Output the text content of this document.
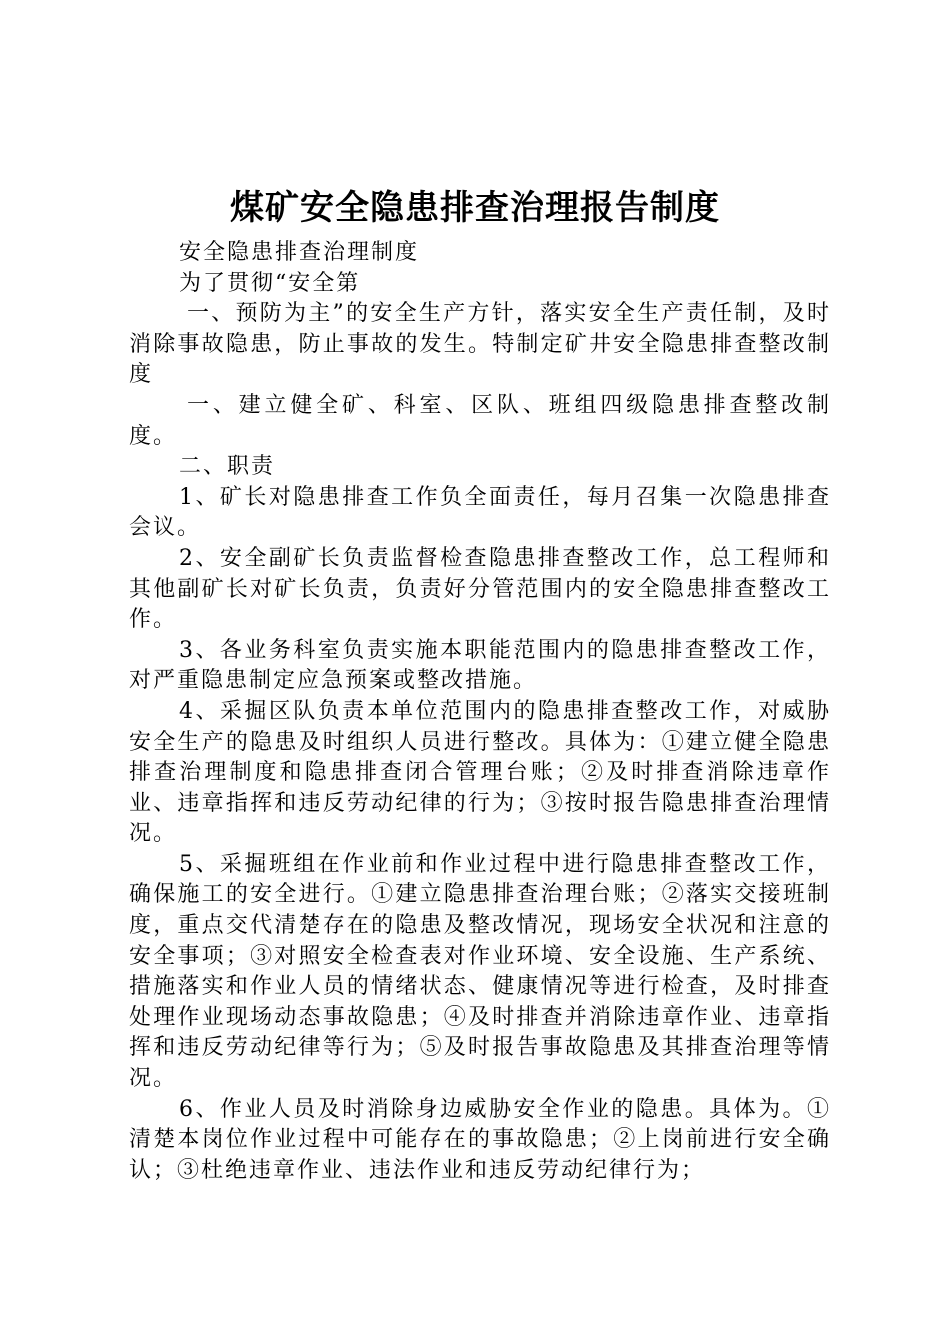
煤矿安全隐患排查治理报告制度

安全隐患排查治理制度

为了贯彻“安全第

一、预防为主”的安全生产方针，落实安全生产责任制，及时消除事故隐患，防止事故的发生。特制定矿井安全隐患排查整改制度

一、建立健全矿、科室、区队、班组四级隐患排查整改制度。

二、职责

1、矿长对隐患排查工作负全面责任，每月召集一次隐患排查会议。

2、安全副矿长负责监督检查隐患排查整改工作，总工程师和其他副矿长对矿长负责，负责好分管范围内的安全隐患排查整改工作。

3、各业务科室负责实施本职能范围内的隐患排查整改工作，对严重隐患制定应急预案或整改措施。

4、采掘区队负责本单位范围内的隐患排查整改工作，对威胁安全生产的隐患及时组织人员进行整改。具体为：①建立健全隐患排查治理制度和隐患排查闭合管理台账；②及时排查消除违章作业、违章指挥和违反劳动纪律的行为；③按时报告隐患排查治理情况。

5、采掘班组在作业前和作业过程中进行隐患排查整改工作，确保施工的安全进行。①建立隐患排查治理台账；②落实交接班制度，重点交代清楚存在的隐患及整改情况，现场安全状况和注意的安全事项；③对照安全检查表对作业环境、安全设施、生产系统、措施落实和作业人员的情绪状态、健康情况等进行检查，及时排查处理作业现场动态事故隐患；④及时排查并消除违章作业、违章指挥和违反劳动纪律等行为；⑤及时报告事故隐患及其排查治理等情况。

6、作业人员及时消除身边威胁安全作业的隐患。具体为。①清楚本岗位作业过程中可能存在的事故隐患；②上岗前进行安全确认；③杜绝违章作业、违法作业和违反劳动纪律行为；
